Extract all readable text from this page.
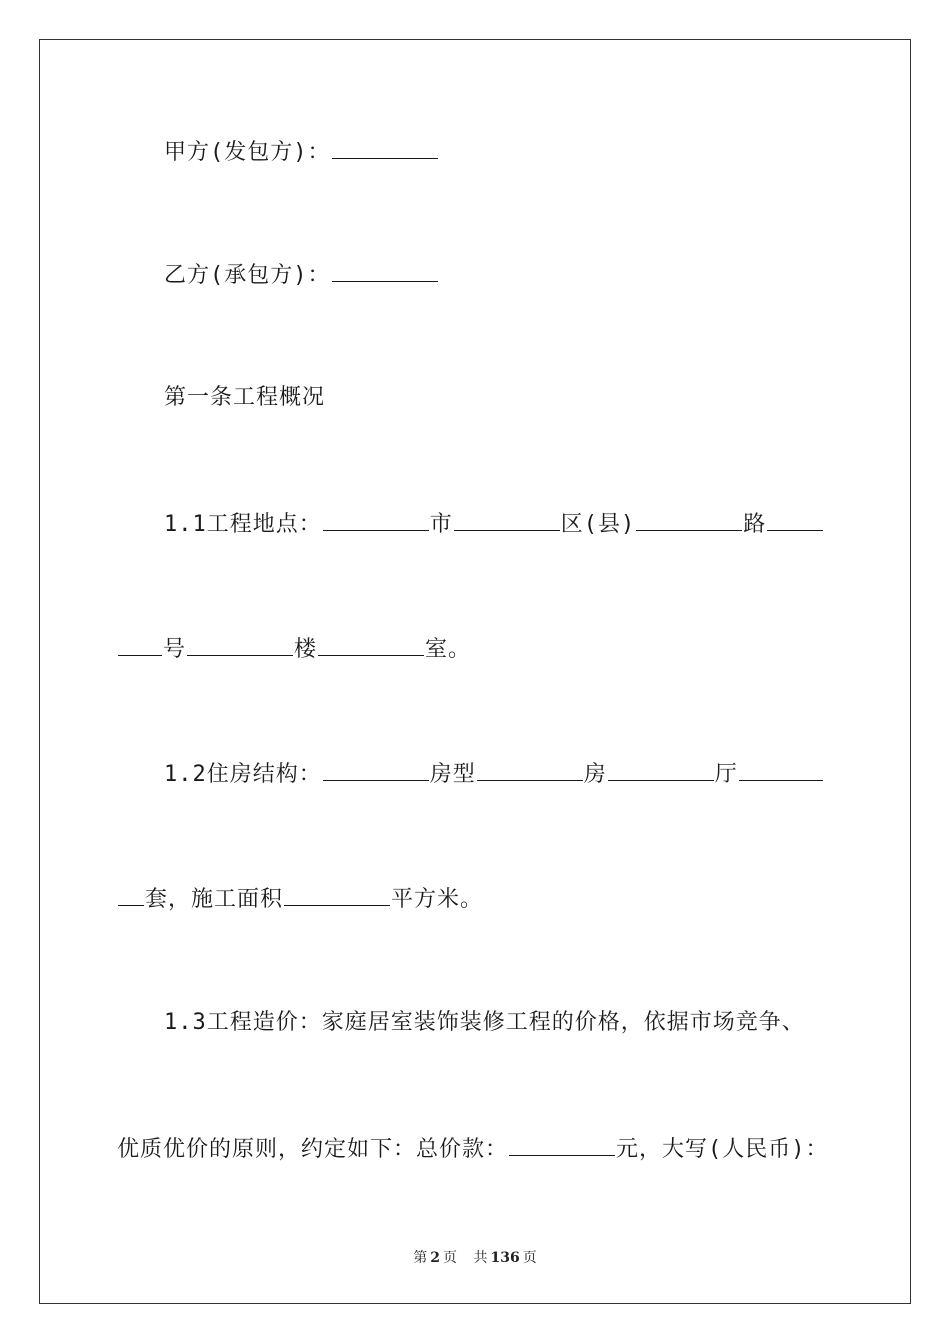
甲方(发包方)：
乙方(承包方)：
第一条工程概况
1.1工程地点：	市	区(县)	路
号	楼	室。
1.2住房结构：	房型	房	厅
套，施工面积	平方米。
1.3工程造价：家庭居室装饰装修工程的价格，依据市场竞争、
优质优价的原则，约定如下：总价款：	元，大写(人民币)：
第 2 页 共 136 页
